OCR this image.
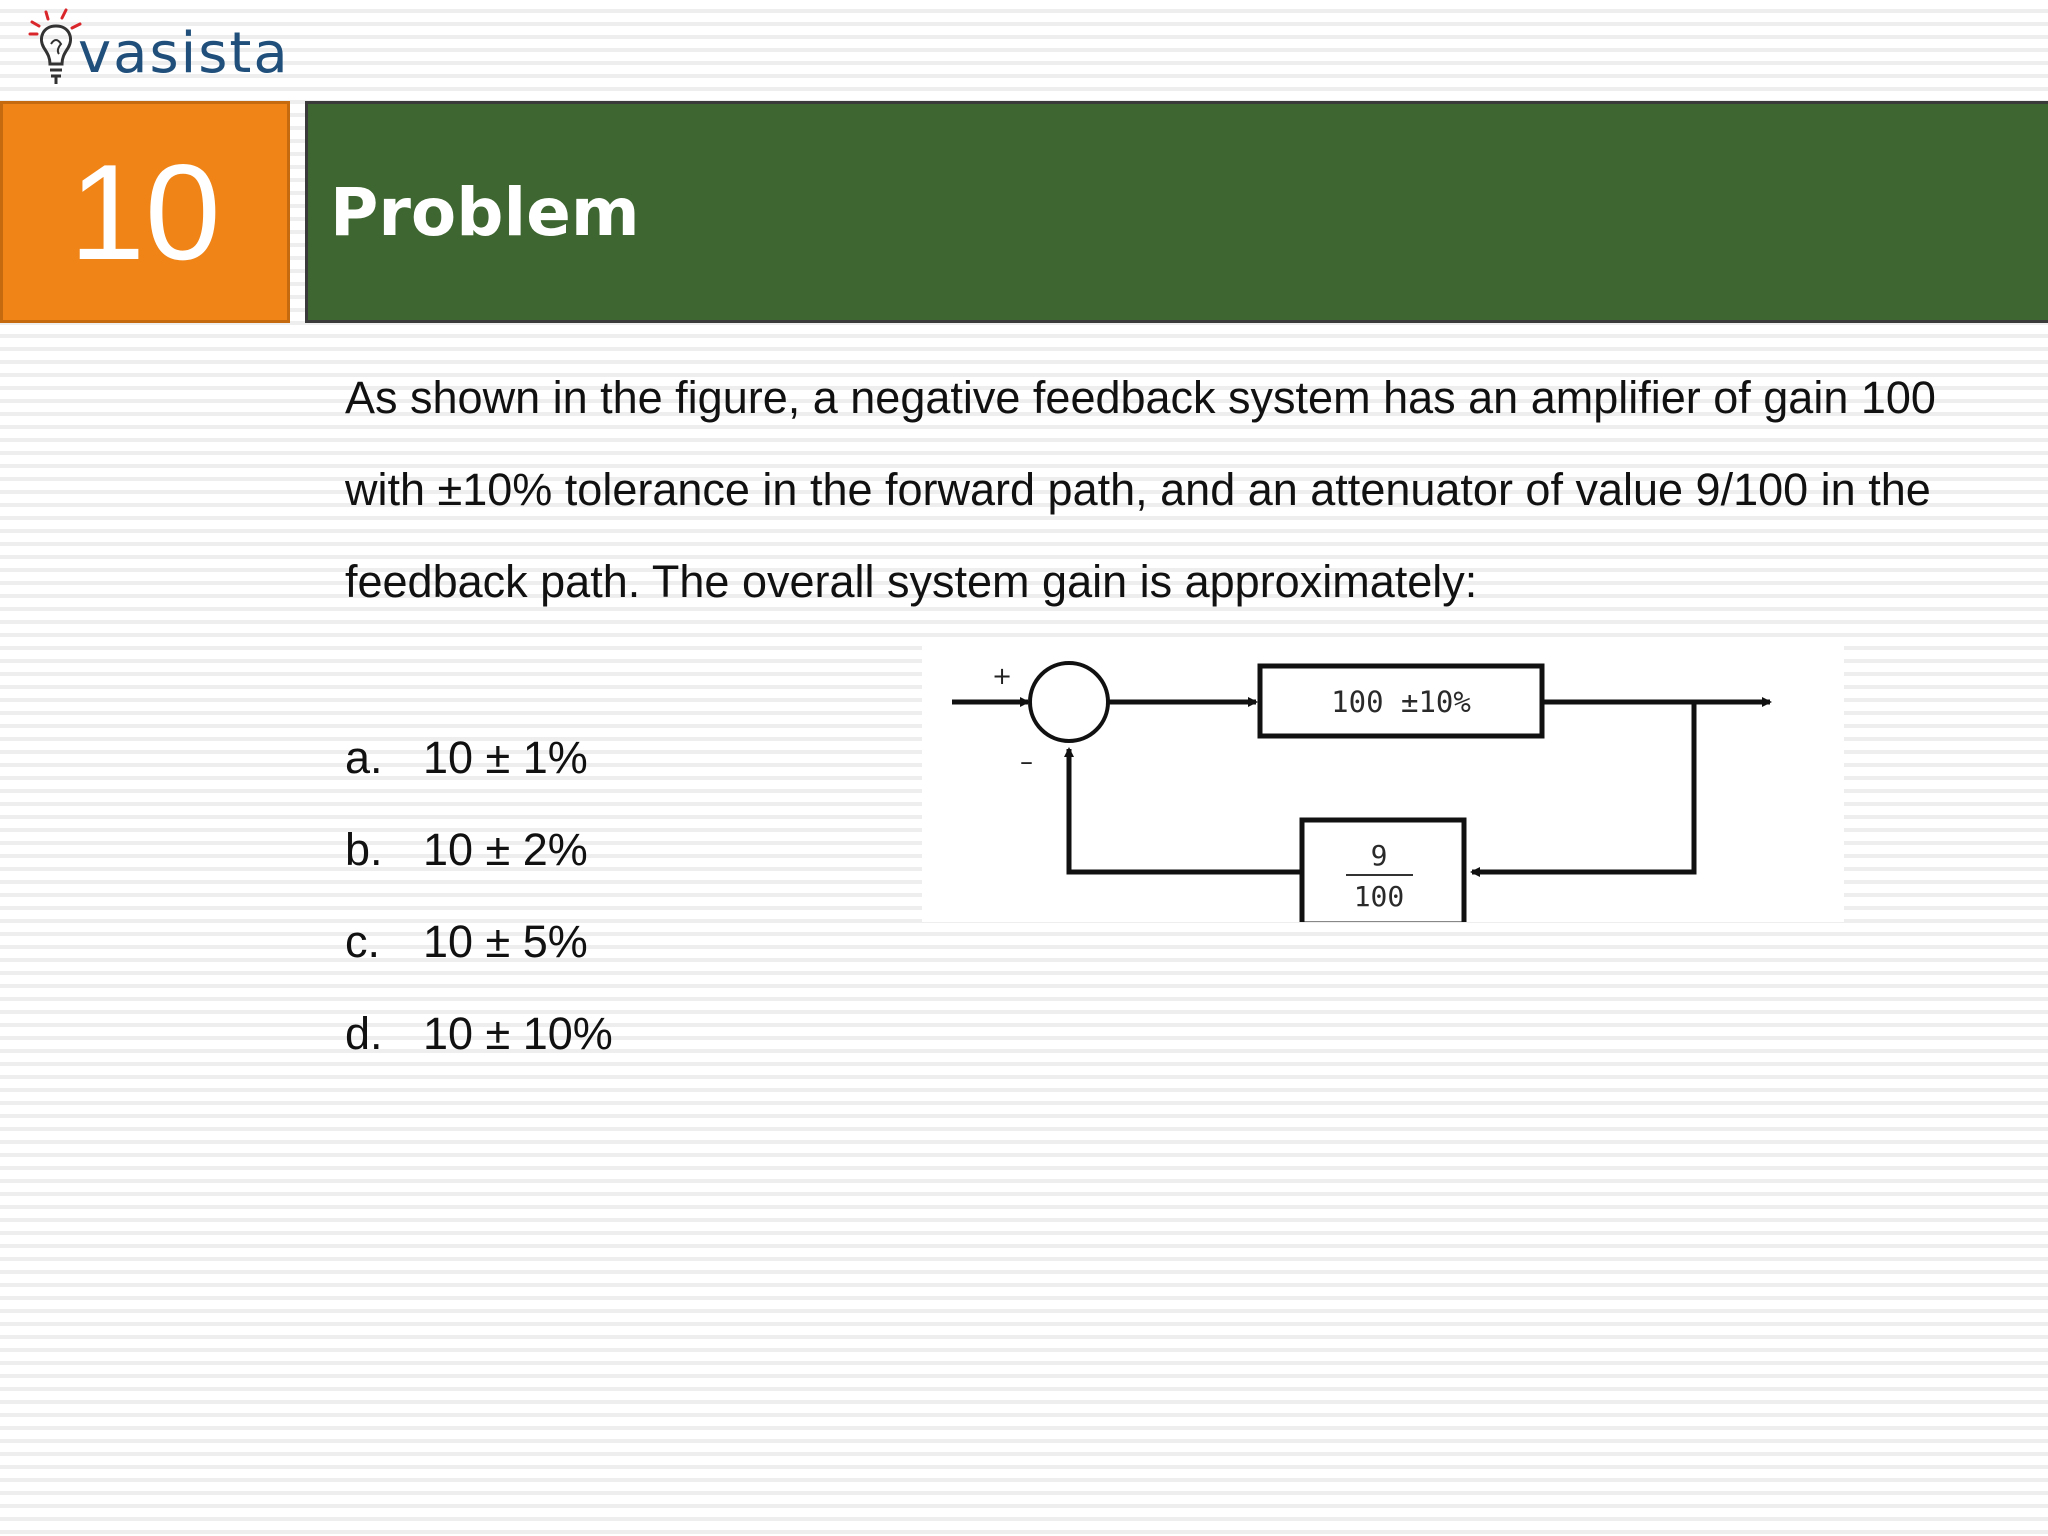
vasista
10 Problem

As shown in the figure, a negative feedback system has an amplifier of gain 100 with ±10% tolerance in the forward path, and an attenuator of value 9/100 in the feedback path. The overall system gain is approximately:

a. 10 ± 1%
b. 10 ± 2%
c. 10 ± 5%
d. 10 ± 10%
+
–
100 ±10%
9
100
